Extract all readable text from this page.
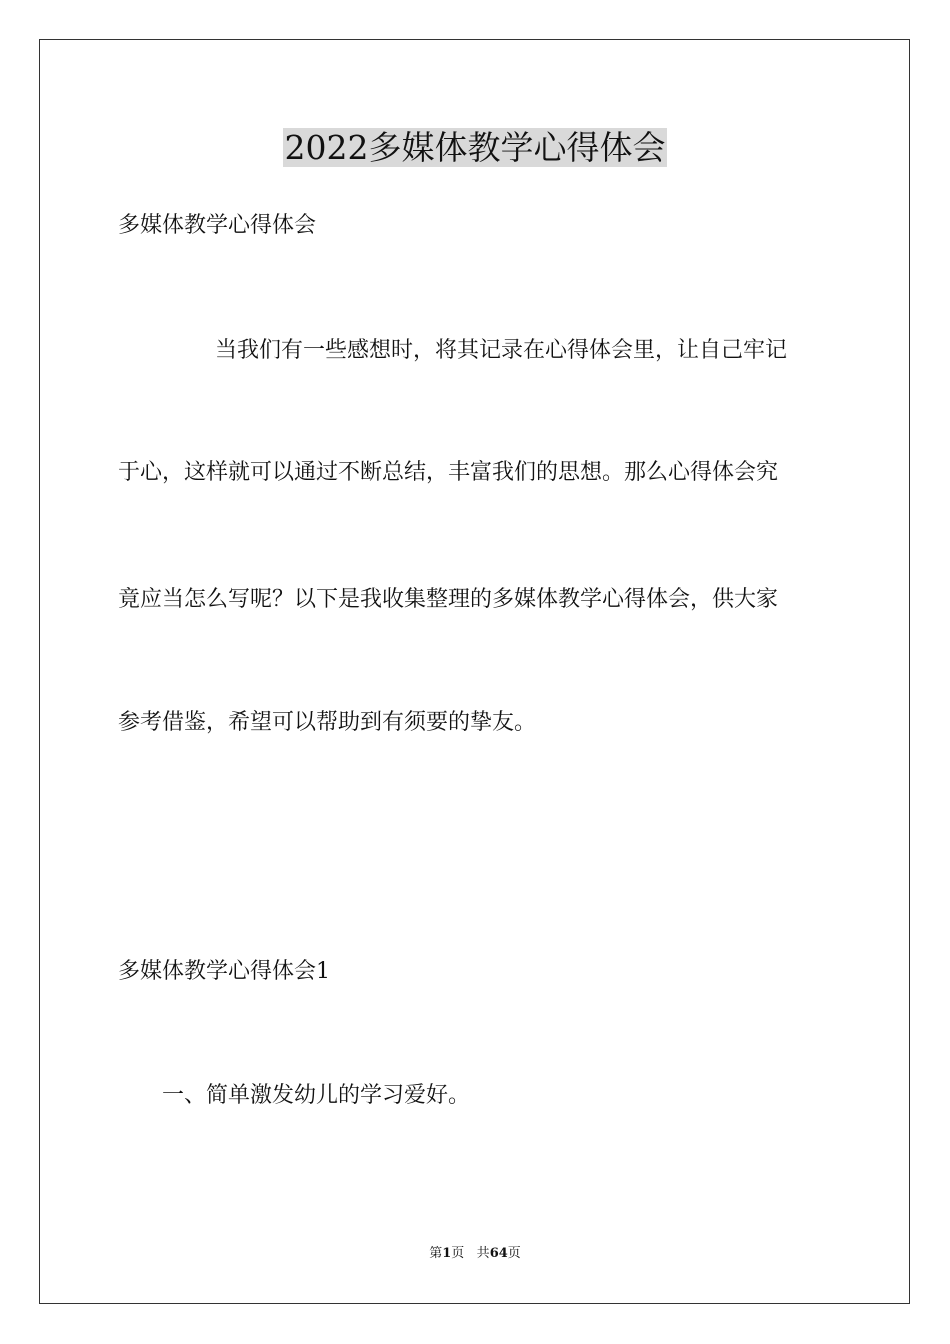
2022多媒体教学心得体会
多媒体教学心得体会
当我们有一些感想时，将其记录在心得体会里，让自己牢记
于心，这样就可以通过不断总结，丰富我们的思想。那么心得体会究
竟应当怎么写呢？以下是我收集整理的多媒体教学心得体会，供大家
参考借鉴，希望可以帮助到有须要的挚友。
多媒体教学心得体会1
一、简单激发幼儿的学习爱好。
第1页 共64页
